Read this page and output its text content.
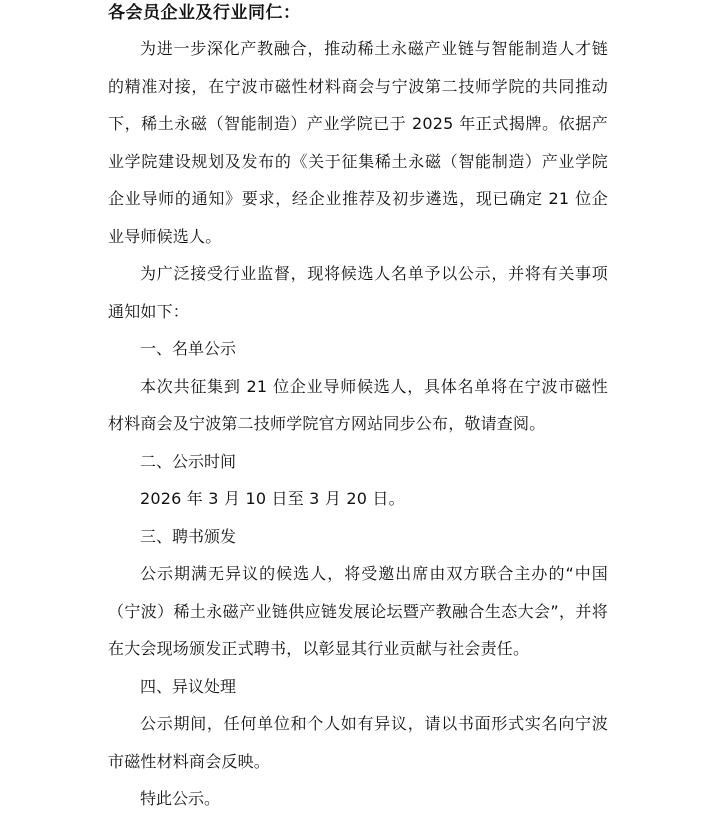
各会员企业及行业同仁：

为进一步深化产教融合，推动稀土永磁产业链与智能制造人才链的精准对接，在宁波市磁性材料商会与宁波第二技师学院的共同推动下，稀土永磁（智能制造）产业学院已于 2025 年正式揭牌。依据产业学院建设规划及发布的《关于征集稀土永磁（智能制造）产业学院企业导师的通知》要求，经企业推荐及初步遴选，现已确定 21 位企业导师候选人。

为广泛接受行业监督，现将候选人名单予以公示，并将有关事项通知如下：

一、名单公示

本次共征集到 21 位企业导师候选人，具体名单将在宁波市磁性材料商会及宁波第二技师学院官方网站同步公布，敬请查阅。

二、公示时间

2026 年 3 月 10 日至 3 月 20 日。

三、聘书颁发

公示期满无异议的候选人，将受邀出席由双方联合主办的“中国（宁波）稀土永磁产业链供应链发展论坛暨产教融合生态大会”，并将在大会现场颁发正式聘书，以彰显其行业贡献与社会责任。

四、异议处理

公示期间，任何单位和个人如有异议，请以书面形式实名向宁波市磁性材料商会反映。

特此公示。
